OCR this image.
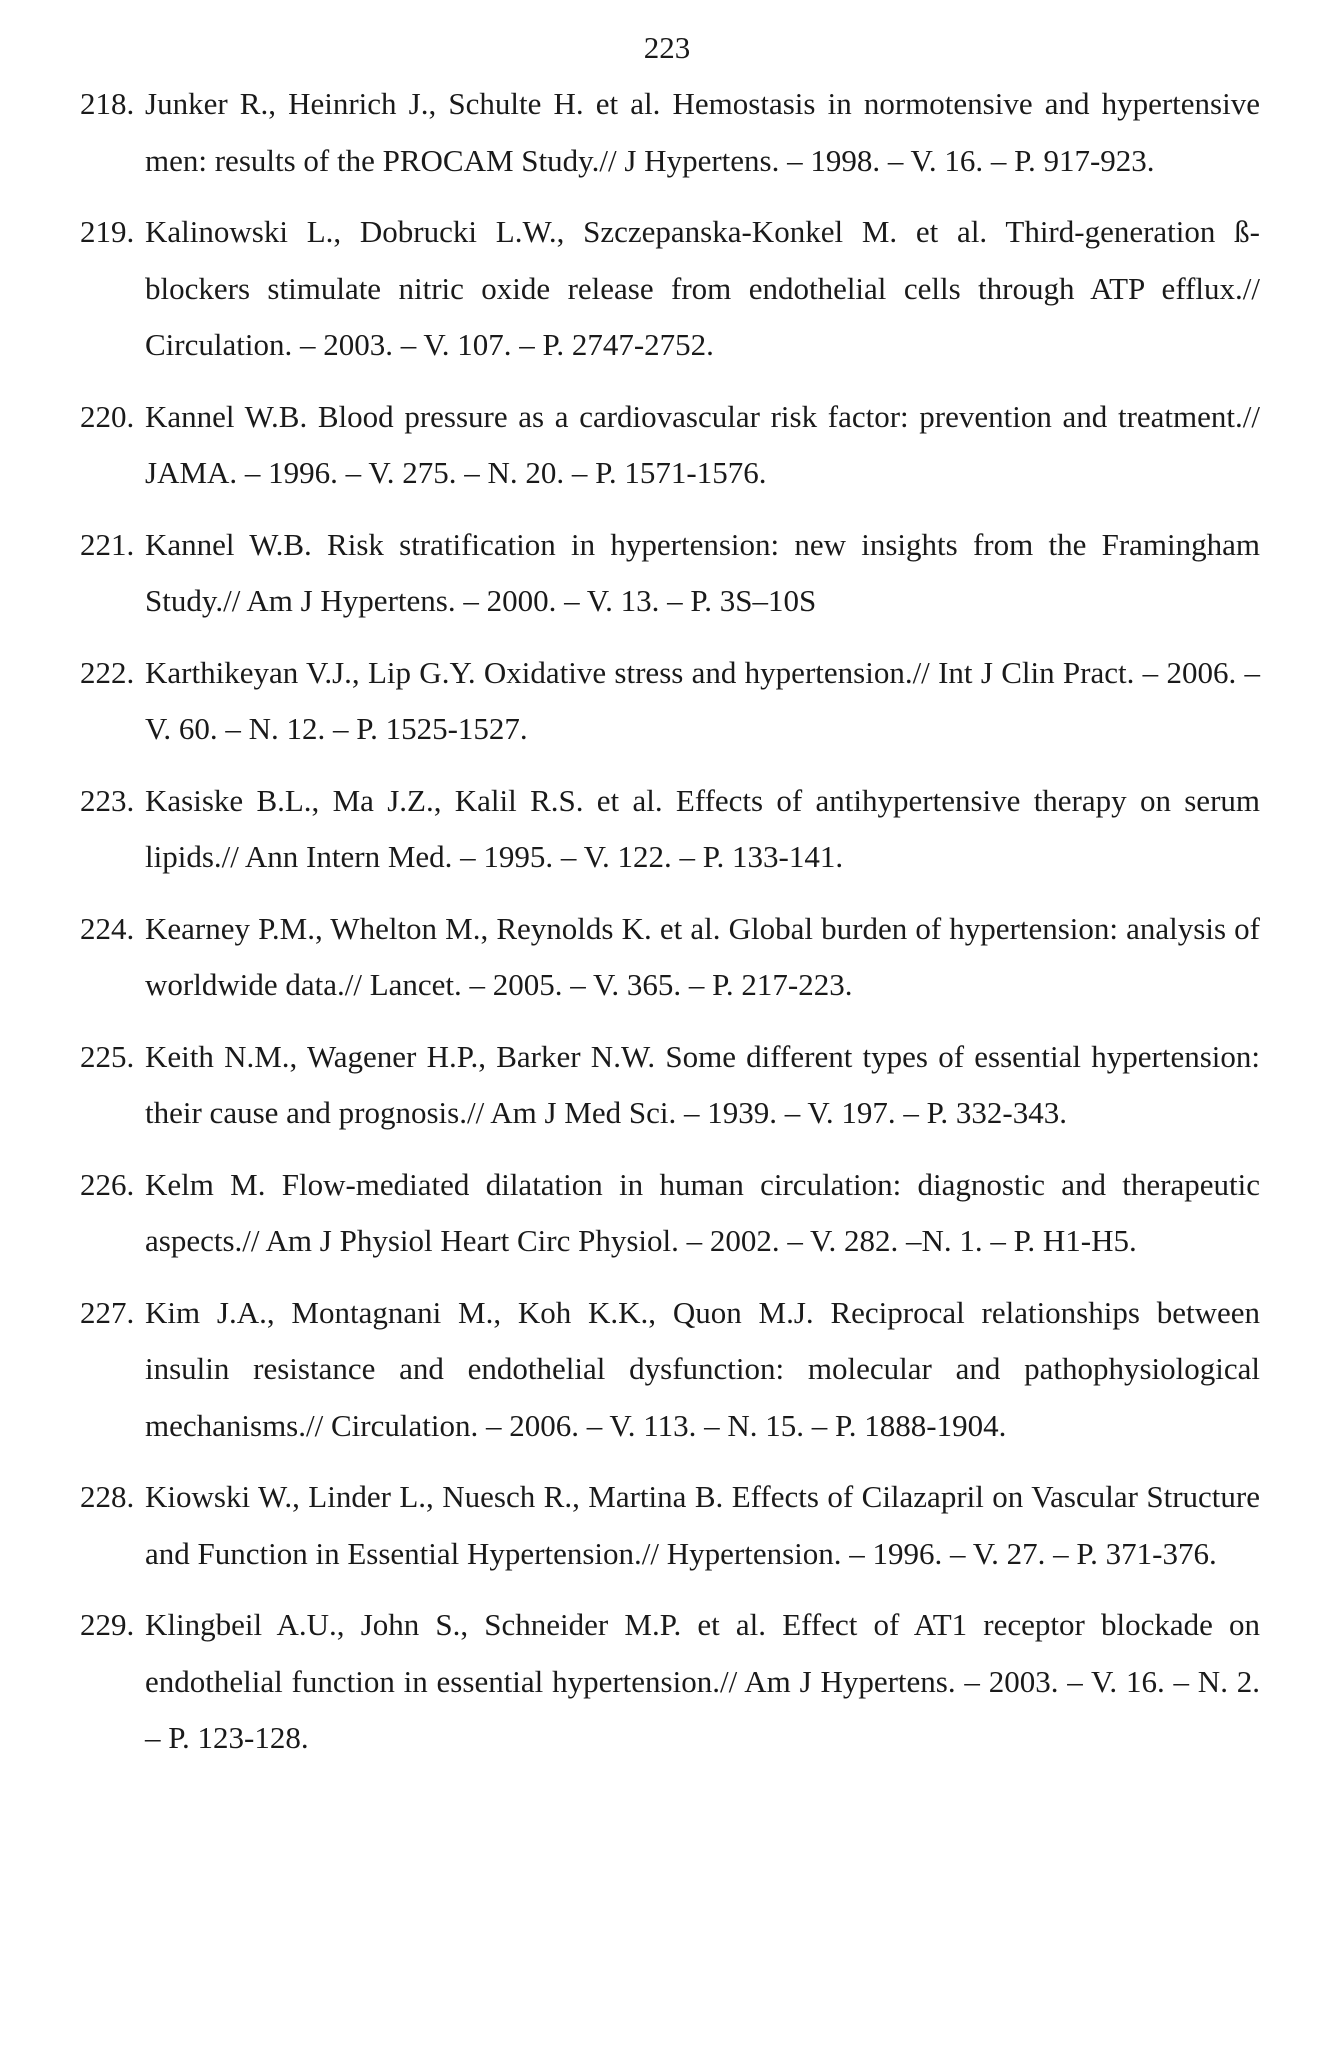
223
218. Junker R., Heinrich J., Schulte H. et al. Hemostasis in normotensive and hypertensive men: results of the PROCAM Study.// J Hypertens. – 1998. – V. 16. – P. 917-923.
219. Kalinowski L., Dobrucki L.W., Szczepanska-Konkel M. et al. Third-generation ß-blockers stimulate nitric oxide release from endothelial cells through ATP efflux.// Circulation. – 2003. – V. 107. – P. 2747-2752.
220. Kannel W.B. Blood pressure as a cardiovascular risk factor: prevention and treatment.// JAMA. – 1996. – V. 275. – N. 20. – P. 1571-1576.
221. Kannel W.B. Risk stratification in hypertension: new insights from the Framingham Study.// Am J Hypertens. – 2000. – V. 13. – P. 3S–10S
222. Karthikeyan V.J., Lip G.Y. Oxidative stress and hypertension.// Int J Clin Pract. – 2006. – V. 60. – N. 12. – P. 1525-1527.
223. Kasiske B.L., Ma J.Z., Kalil R.S. et al. Effects of antihypertensive therapy on serum lipids.// Ann Intern Med. – 1995. – V. 122. – P. 133-141.
224. Kearney P.M., Whelton M., Reynolds K. et al. Global burden of hypertension: analysis of worldwide data.// Lancet. – 2005. – V. 365. – P. 217-223.
225. Keith N.M., Wagener H.P., Barker N.W. Some different types of essential hypertension: their cause and prognosis.// Am J Med Sci. – 1939. – V. 197. – P. 332-343.
226. Kelm M. Flow-mediated dilatation in human circulation: diagnostic and therapeutic aspects.// Am J Physiol Heart Circ Physiol. – 2002. – V. 282. –N. 1. – P. H1-H5.
227. Kim J.A., Montagnani M., Koh K.K., Quon M.J. Reciprocal relationships between insulin resistance and endothelial dysfunction: molecular and pathophysiological mechanisms.// Circulation. – 2006. – V. 113. – N. 15. – P. 1888-1904.
228. Kiowski W., Linder L., Nuesch R., Martina B. Effects of Cilazapril on Vascular Structure and Function in Essential Hypertension.// Hypertension. – 1996. – V. 27. – P. 371-376.
229. Klingbeil A.U., John S., Schneider M.P. et al. Effect of AT1 receptor blockade on endothelial function in essential hypertension.// Am J Hypertens. – 2003. – V. 16. – N. 2. – P. 123-128.
